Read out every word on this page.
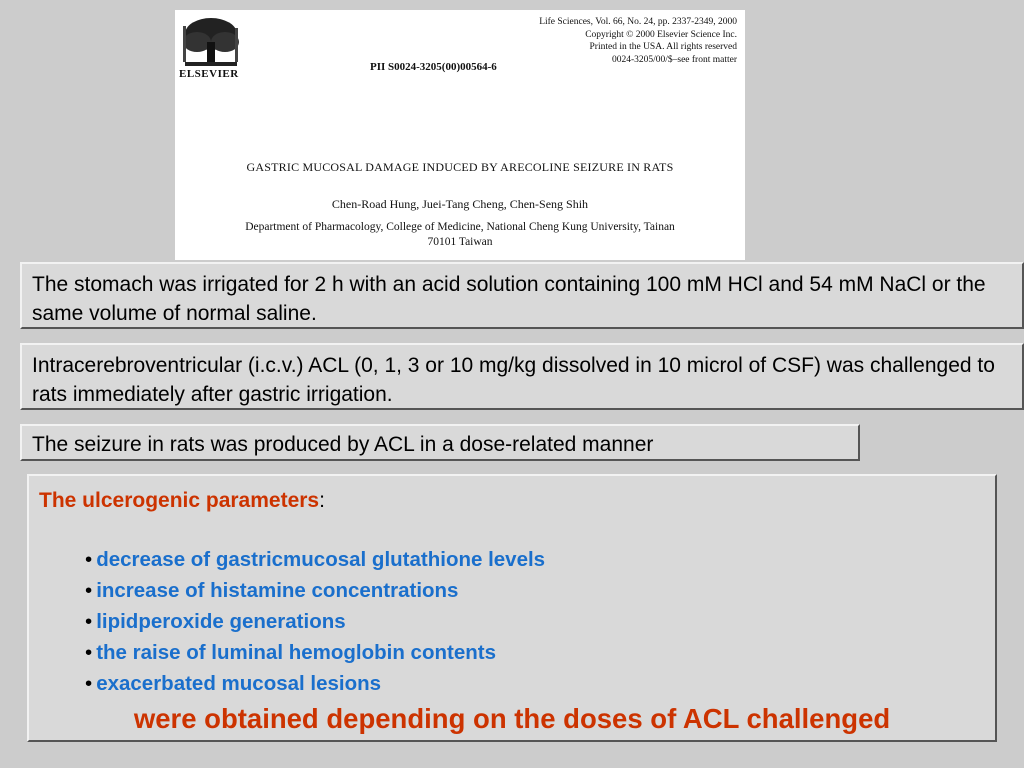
ELSEVIER
Life Sciences, Vol. 66, No. 24, pp. 2337-2349, 2000
Copyright © 2000 Elsevier Science Inc.
Printed in the USA. All rights reserved
0024-3205/00/$–see front matter
PII S0024-3205(00)00564-6
GASTRIC MUCOSAL DAMAGE INDUCED BY ARECOLINE SEIZURE IN RATS
Chen-Road Hung, Juei-Tang Cheng, Chen-Seng Shih
Department of Pharmacology, College of Medicine, National Cheng Kung University, Tainan
70101 Taiwan
The stomach was irrigated for 2 h with an acid solution containing 100 mM HCl and 54 mM NaCl or the same volume of normal saline.
Intracerebroventricular (i.c.v.) ACL (0, 1, 3 or 10 mg/kg dissolved in 10 microl of CSF) was challenged to rats immediately after gastric irrigation.
The seizure in rats was produced by ACL in a dose-related manner
The ulcerogenic parameters:
• decrease of gastricmucosal glutathione levels
• increase of histamine concentrations
• lipidperoxide generations
• the raise of luminal hemoglobin contents
• exacerbated mucosal lesions
were obtained depending on the doses of ACL challenged
